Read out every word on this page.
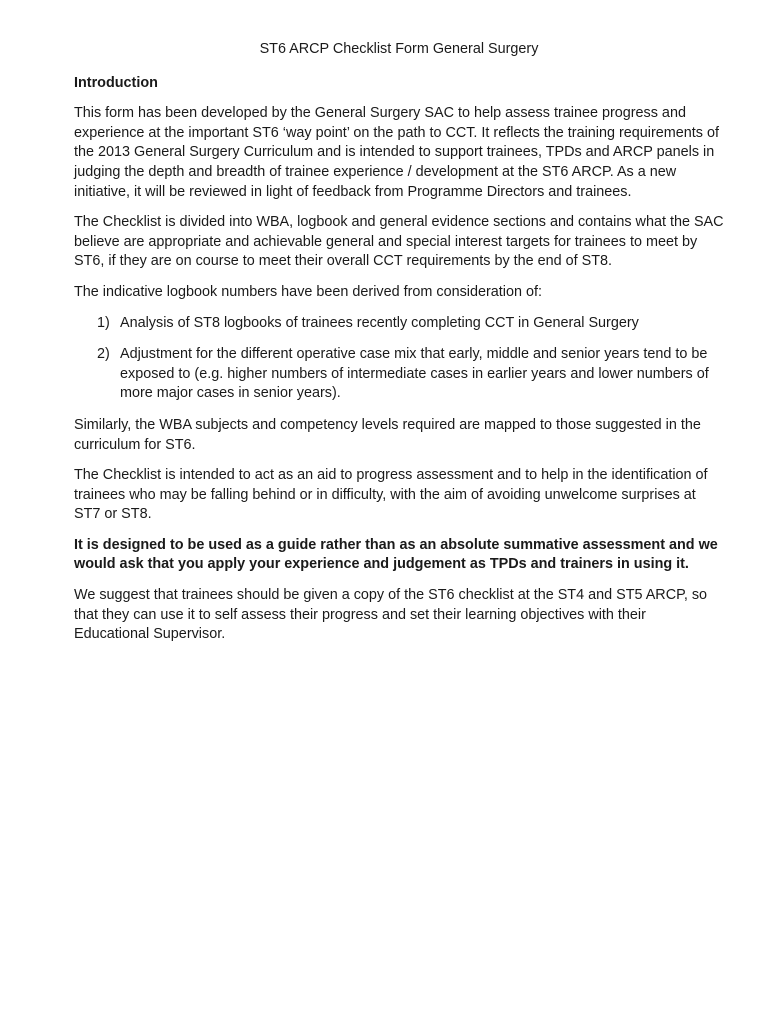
ST6 ARCP Checklist Form General Surgery
Introduction

This form has been developed by the General Surgery SAC to help assess trainee progress and experience at the important ST6 ‘way point’ on the path to CCT. It reflects the training requirements of the 2013 General Surgery Curriculum and is intended to support trainees, TPDs and ARCP panels in judging the depth and breadth of trainee experience / development at the ST6 ARCP. As a new initiative, it will be reviewed in light of feedback from Programme Directors and trainees.

The Checklist is divided into WBA, logbook and general evidence sections and contains what the SAC believe are appropriate and achievable general and special interest targets for trainees to meet by ST6, if they are on course to meet their overall CCT requirements by the end of ST8.

The indicative logbook numbers have been derived from consideration of:

1) Analysis of ST8 logbooks of trainees recently completing CCT in General Surgery
2) Adjustment for the different operative case mix that early, middle and senior years tend to be exposed to (e.g. higher numbers of intermediate cases in earlier years and lower numbers of more major cases in senior years).

Similarly, the WBA subjects and competency levels required are mapped to those suggested in the curriculum for ST6.

The Checklist is intended to act as an aid to progress assessment and to help in the identification of trainees who may be falling behind or in difficulty, with the aim of avoiding unwelcome surprises at ST7 or ST8.

It is designed to be used as a guide rather than as an absolute summative assessment and we would ask that you apply your experience and judgement as TPDs and trainers in using it.

We suggest that trainees should be given a copy of the ST6 checklist at the ST4 and ST5 ARCP, so that they can use it to self assess their progress and set their learning objectives with their Educational Supervisor.
